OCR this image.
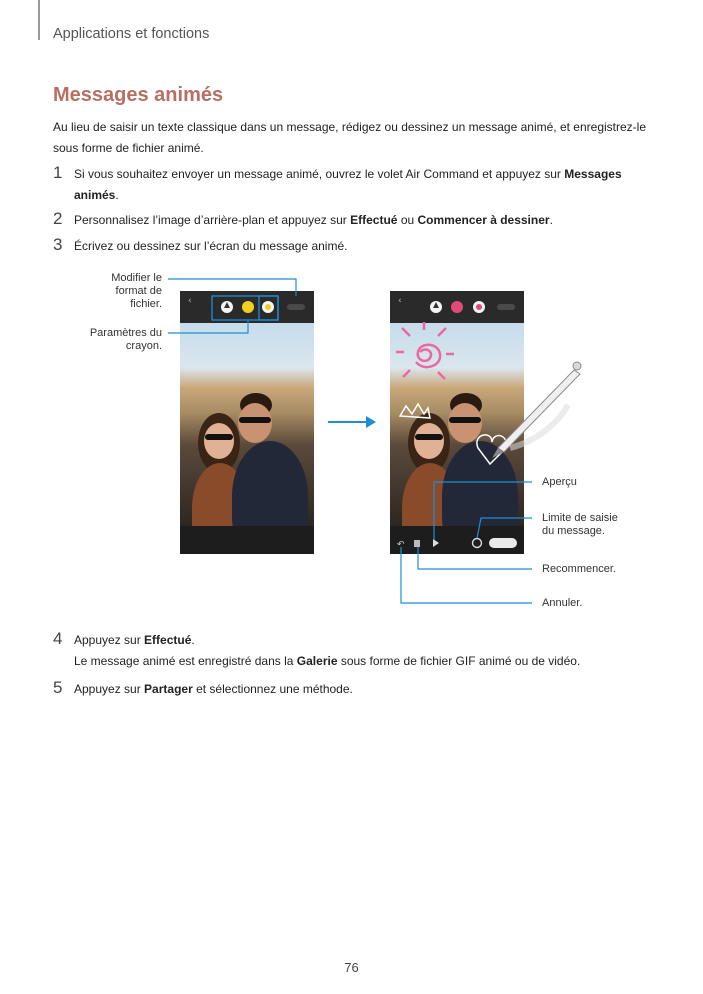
Applications et fonctions
Messages animés
Au lieu de saisir un texte classique dans un message, rédigez ou dessinez un message animé, et enregistrez-le sous forme de fichier animé.
1 Si vous souhaitez envoyer un message animé, ouvrez le volet Air Command et appuyez sur Messages animés.
2 Personnalisez l’image d’arrière-plan et appuyez sur Effectué ou Commencer à dessiner.
3 Écrivez ou dessinez sur l’écran du message animé.
‹	‹
↶
Modifier le format de fichier.
Paramètres du crayon.
Aperçu
Limite de saisie du message.
Recommencer.
Annuler.
4 Appuyez sur Effectué.
Le message animé est enregistré dans la Galerie sous forme de fichier GIF animé ou de vidéo.
5 Appuyez sur Partager et sélectionnez une méthode.
76
